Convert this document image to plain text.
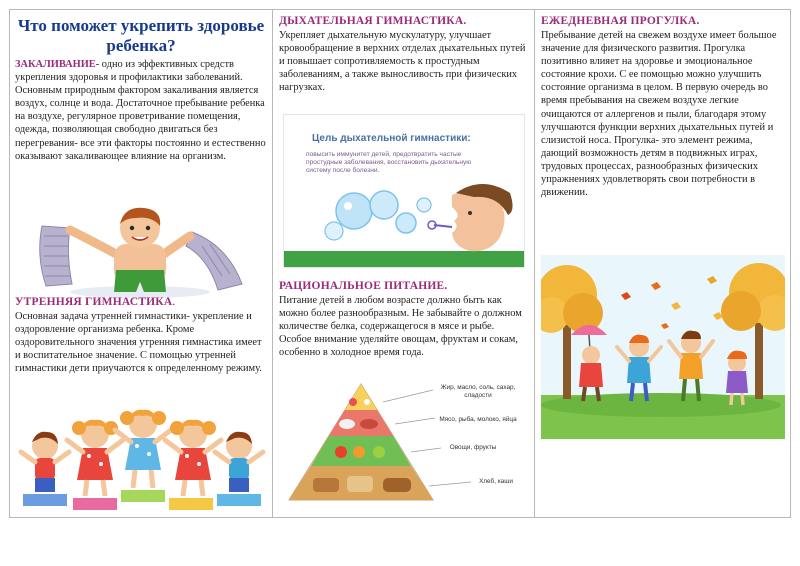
Что поможет укрепить здоровье ребенка?
ЗАКАЛИВАНИЕ- одно из эффективных средств укрепления здоровья и профилактики заболеваний. Основным природным фактором закаливания является воздух, солнце и вода. Достаточное пребывание ребенка на воздухе, регулярное проветривание помещения, одежда, позволяющая свободно двигаться без перегревания- все эти факторы постоянно и естественно оказывают закаливающее влияние на организм.
УТРЕННЯЯ ГИМНАСТИКА.
Основная задача утренней гимнастики- укрепление и оздоровление организма ребенка. Кроме оздоровительного значения утренняя гимнастика имеет и воспитательное значение. С помощью утренней гимнастики дети приучаются к определенному режиму.
ДЫХАТЕЛЬНАЯ ГИМНАСТИКА.
Укрепляет дыхательную мускулатуру, улучшает кровообращение в верхних отделах дыхательных путей и повышает сопротивляемость к простудным заболеваниям, а также выносливость при физических нагрузках.
Цель дыхательной гимнастики:
повысить иммунитет детей, предотвратить частые простудные заболевания, восстановить дыхательную систему после болезни.
РАЦИОНАЛЬНОЕ ПИТАНИЕ.
Питание детей в любом возрасте должно быть как можно более разнообразным. Не забывайте о должном количестве белка, содержащегося в мясе и рыбе. Особое внимание уделяйте овощам, фруктам и сокам, особенно в холодное время года.
Жир, масло, соль, сахар, сладости
Мясо, рыба, молоко, яйца
Овощи, фрукты
Хлеб, каши
ЕЖЕДНЕВНАЯ ПРОГУЛКА.
Пребывание детей на свежем воздухе имеет большое значение для физического развития. Прогулка позитивно влияет на здоровье и эмоциональное состояние крохи. С ее помощью можно улучшить состояние организма в целом. В первую очередь во время пребывания на свежем воздухе легкие очищаются от аллергенов и пыли, благодаря этому улучшаются функции верхних дыхательных путей и слизистой носа. Прогулка- это элемент режима, дающий возможность детям в подвижных играх, трудовых процессах, разнообразных физических упражнениях удовлетворять свои потребности в движении.
